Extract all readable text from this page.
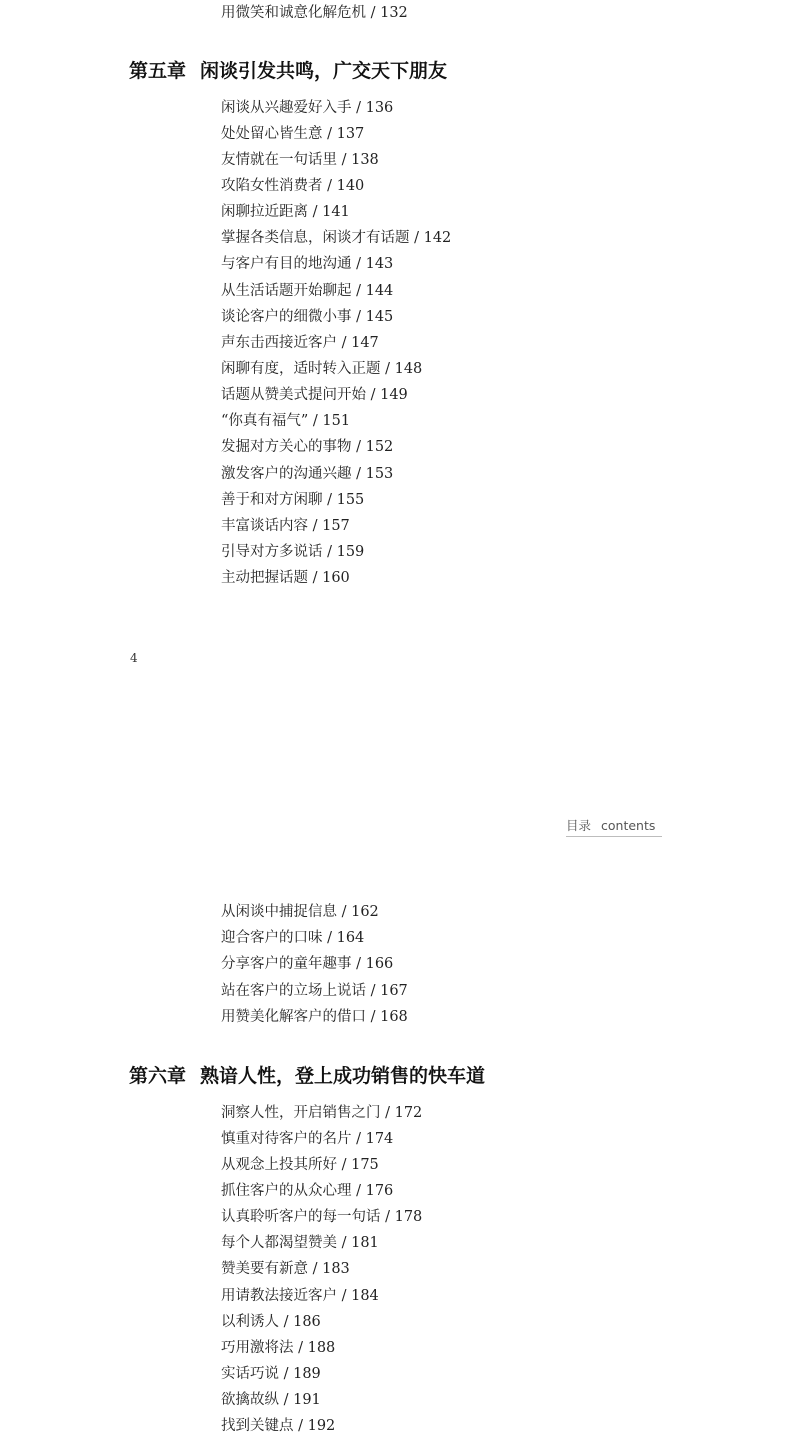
用微笑和诚意化解危机 / 132
第五章 闲谈引发共鸣，广交天下朋友
闲谈从兴趣爱好入手 / 136
处处留心皆生意 / 137
友情就在一句话里 / 138
攻陷女性消费者 / 140
闲聊拉近距离 / 141
掌握各类信息，闲谈才有话题 / 142
与客户有目的地沟通 / 143
从生活话题开始聊起 / 144
谈论客户的细微小事 / 145
声东击西接近客户 / 147
闲聊有度，适时转入正题 / 148
话题从赞美式提问开始 / 149
“你真有福气” / 151
发掘对方关心的事物 / 152
激发客户的沟通兴趣 / 153
善于和对方闲聊 / 155
丰富谈话内容 / 157
引导对方多说话 / 159
主动把握话题 / 160
4
目录 contents
从闲谈中捕捉信息 / 162
迎合客户的口味 / 164
分享客户的童年趣事 / 166
站在客户的立场上说话 / 167
用赞美化解客户的借口 / 168
第六章 熟谙人性，登上成功销售的快车道
洞察人性，开启销售之门 / 172
慎重对待客户的名片 / 174
从观念上投其所好 / 175
抓住客户的从众心理 / 176
认真聆听客户的每一句话 / 178
每个人都渴望赞美 / 181
赞美要有新意 / 183
用请教法接近客户 / 184
以利诱人 / 186
巧用激将法 / 188
实话巧说 / 189
欲擒故纵 / 191
找到关键点 / 192
